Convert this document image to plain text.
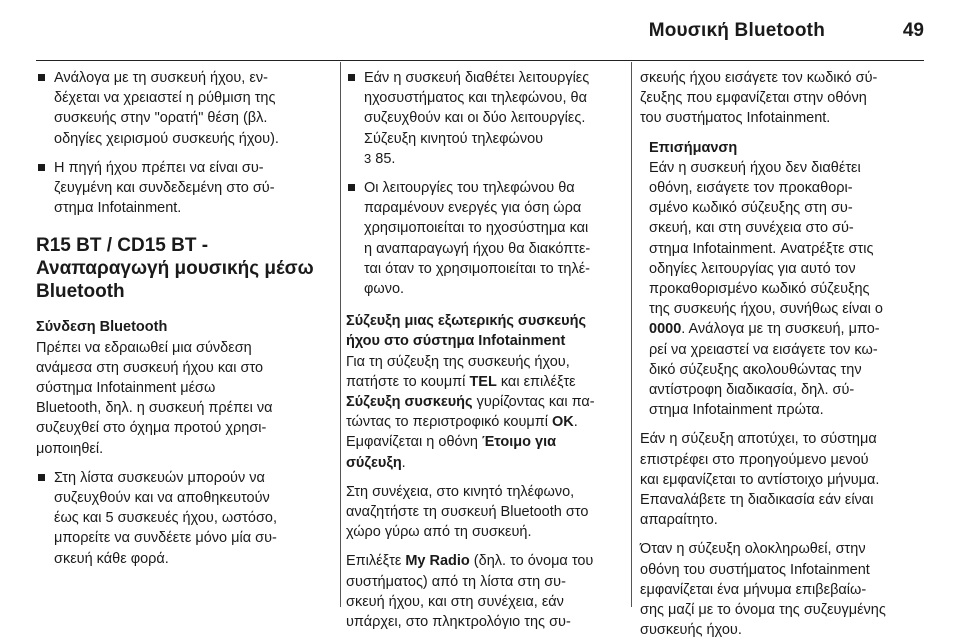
Μουσική Bluetooth	49
Ανάλογα με τη συσκευή ήχου, εν-
δέχεται να χρειαστεί η ρύθμιση της
συσκευής στην "ορατή" θέση (βλ.
οδηγίες χειρισμού συσκευής ήχου).
Η πηγή ήχου πρέπει να είναι συ-
ζευγμένη και συνδεδεμένη στο σύ-
στημα Infotainment.
R15 BT / CD15 BT -
Αναπαραγωγή μουσικής μέσω
Bluetooth
Σύνδεση Bluetooth
Πρέπει να εδραιωθεί μια σύνδεση
ανάμεσα στη συσκευή ήχου και στο
σύστημα Infotainment μέσω
Bluetooth, δηλ. η συσκευή πρέπει να
συζευχθεί στο όχημα προτού χρησι-
μοποιηθεί.
Στη λίστα συσκευών μπορούν να
συζευχθούν και να αποθηκευτούν
έως και 5 συσκευές ήχου, ωστόσο,
μπορείτε να συνδέετε μόνο μία συ-
σκευή κάθε φορά.
Εάν η συσκευή διαθέτει λειτουργίες
ηχοσυστήματος και τηλεφώνου, θα
συζευχθούν και οι δύο λειτουργίες.
Σύζευξη κινητού τηλεφώνου
3 85.
Οι λειτουργίες του τηλεφώνου θα
παραμένουν ενεργές για όση ώρα
χρησιμοποιείται το ηχοσύστημα και
η αναπαραγωγή ήχου θα διακόπτε-
ται όταν το χρησιμοποιείται το τηλέ-
φωνο.
Σύζευξη μιας εξωτερικής συσκευής
ήχου στο σύστημα Infotainment
Για τη σύζευξη της συσκευής ήχου,
πατήστε το κουμπί TEL και επιλέξτε
Σύζευξη συσκευής γυρίζοντας και πα-
τώντας το περιστροφικό κουμπί OK.
Εμφανίζεται η οθόνη Έτοιμο για
σύζευξη.
Στη συνέχεια, στο κινητό τηλέφωνο,
αναζητήστε τη συσκευή Bluetooth στο
χώρο γύρω από τη συσκευή.
Επιλέξτε My Radio (δηλ. το όνομα του
συστήματος) από τη λίστα στη συ-
σκευή ήχου, και στη συνέχεια, εάν
υπάρχει, στο πληκτρολόγιο της συ-
σκευής ήχου εισάγετε τον κωδικό σύ-
ζευξης που εμφανίζεται στην οθόνη
του συστήματος Infotainment.
Επισήμανση
Εάν η συσκευή ήχου δεν διαθέτει
οθόνη, εισάγετε τον προκαθορι-
σμένο κωδικό σύζευξης στη συ-
σκευή, και στη συνέχεια στο σύ-
στημα Infotainment. Ανατρέξτε στις
οδηγίες λειτουργίας για αυτό τον
προκαθορισμένο κωδικό σύζευξης
της συσκευής ήχου, συνήθως είναι ο
0000. Ανάλογα με τη συσκευή, μπο-
ρεί να χρειαστεί να εισάγετε τον κω-
δικό σύζευξης ακολουθώντας την
αντίστροφη διαδικασία, δηλ. σύ-
στημα Infotainment πρώτα.
Εάν η σύζευξη αποτύχει, το σύστημα
επιστρέφει στο προηγούμενο μενού
και εμφανίζεται το αντίστοιχο μήνυμα.
Επαναλάβετε τη διαδικασία εάν είναι
απαραίτητο.
Όταν η σύζευξη ολοκληρωθεί, στην
οθόνη του συστήματος Infotainment
εμφανίζεται ένα μήνυμα επιβεβαίω-
σης μαζί με το όνομα της συζευγμένης
συσκευής ήχου.
